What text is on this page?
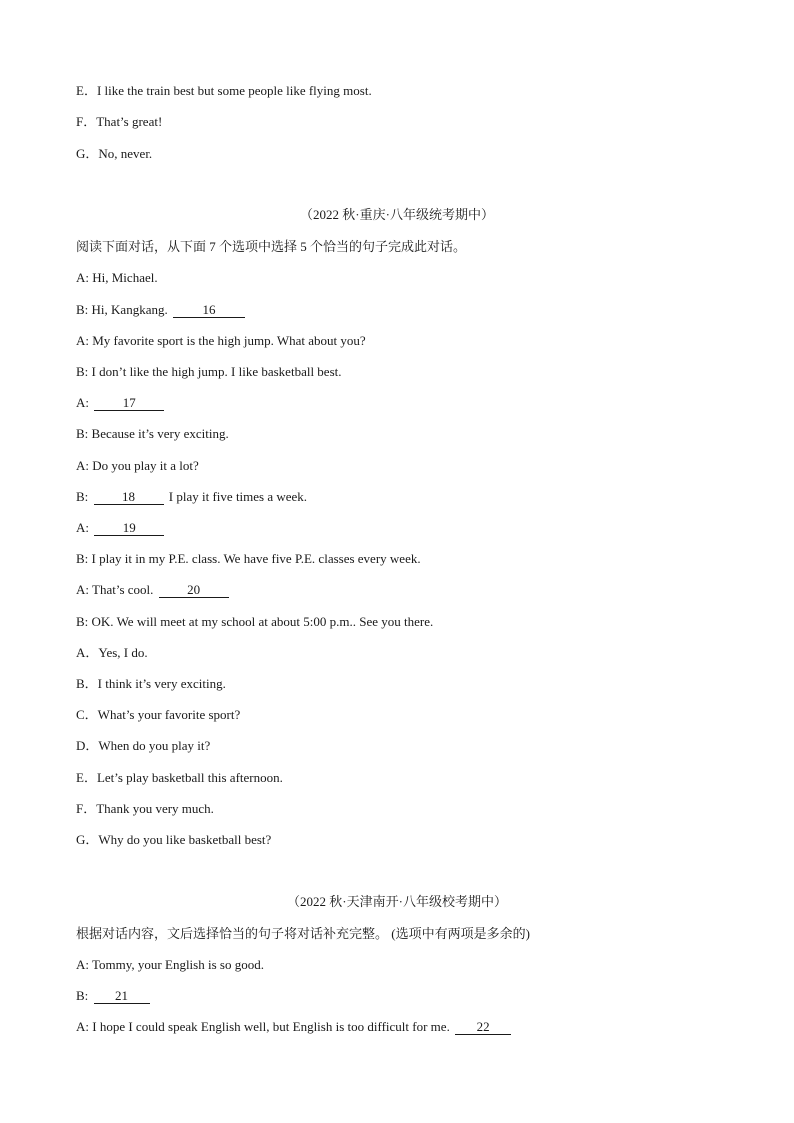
E．I like the train best but some people like flying most.
F．That’s great!
G．No, never.
（2022 秋·重庆·八年级统考期中）
阅读下面对话，从下面 7 个选项中选择 5 个恰当的句子完成此对话。
A: Hi, Michael.
B: Hi, Kangkang.	16
A: My favorite sport is the high jump. What about you?
B: I don’t like the high jump. I like basketball best.
A:	17
B: Because it’s very exciting.
A: Do you play it a lot?
B:	18	I play it five times a week.
A:	19
B: I play it in my P.E. class. We have five P.E. classes every week.
A: That’s cool.	20
B: OK. We will meet at my school at about 5:00 p.m.. See you there.
A．Yes, I do.
B．I think it’s very exciting.
C．What’s your favorite sport?
D．When do you play it?
E．Let’s play basketball this afternoon.
F．Thank you very much.
G．Why do you like basketball best?
（2022 秋·天津南开·八年级校考期中）
根据对话内容，文后选择恰当的句子将对话补充完整。 (选项中有两项是多余的)
A: Tommy, your English is so good.
B: 21
A: I hope I could speak English well, but English is too difficult for me. 22
